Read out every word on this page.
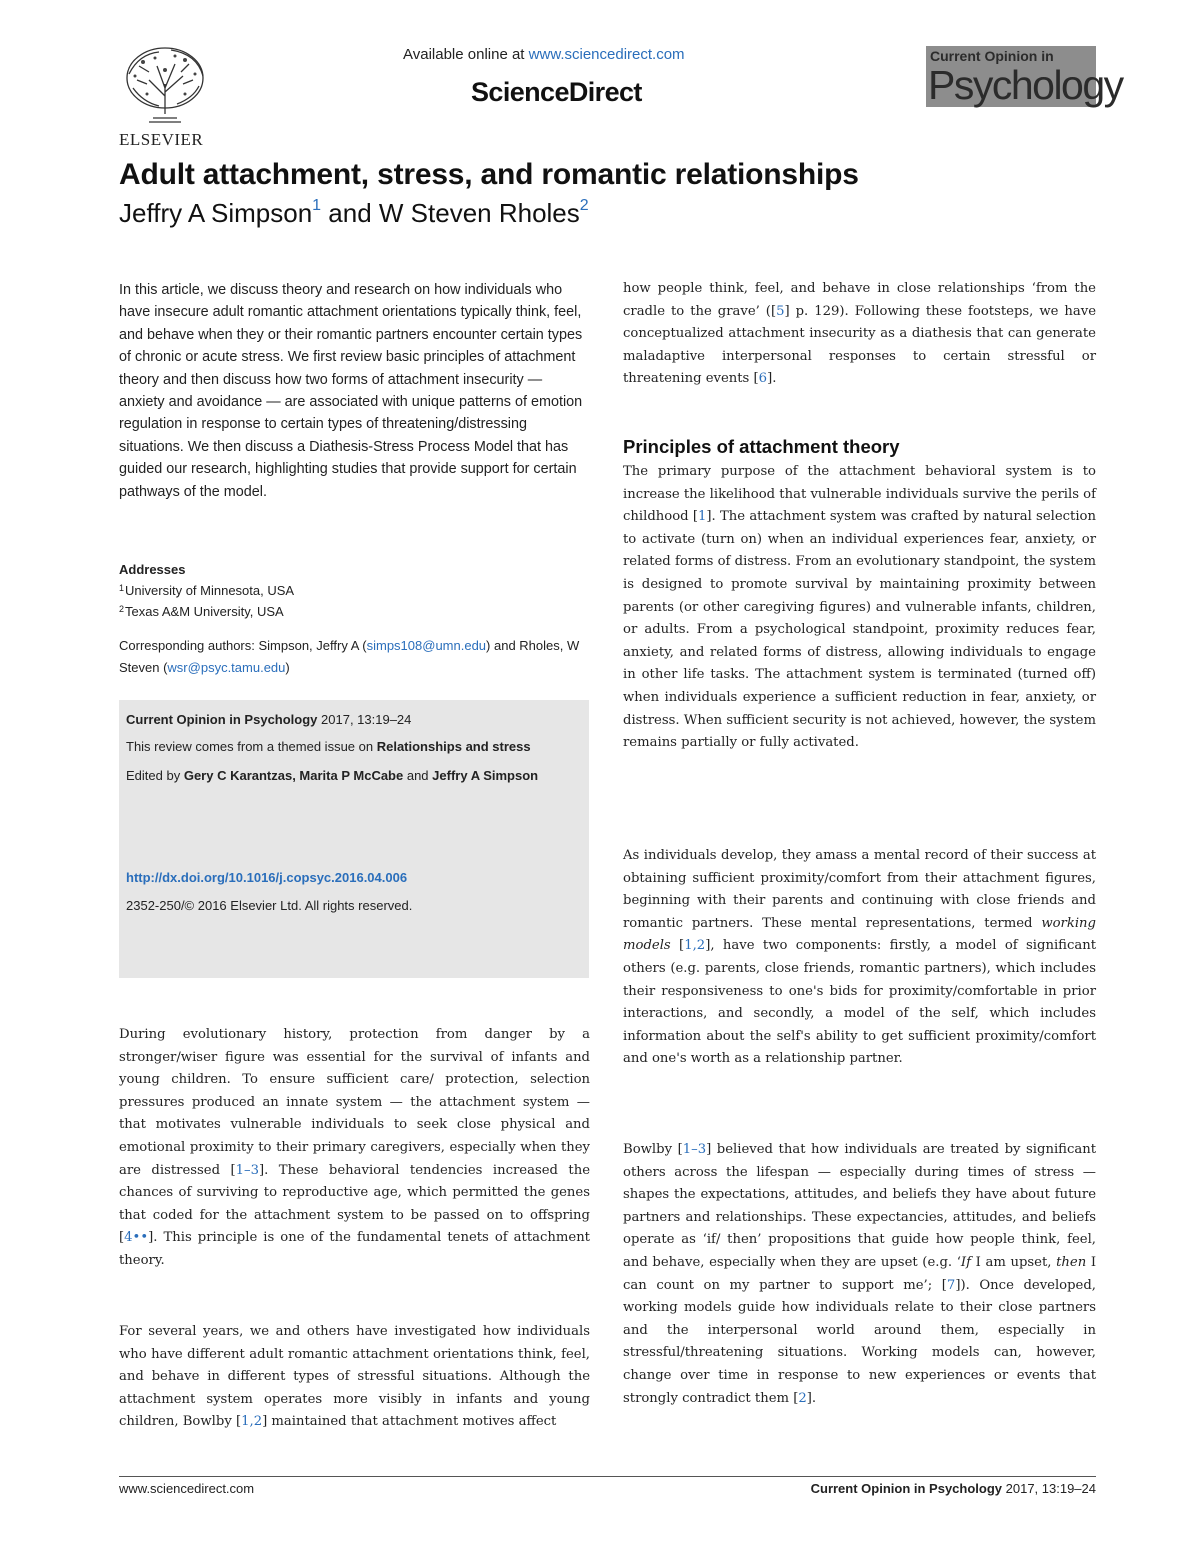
ELSEVIER
Available online at www.sciencedirect.com
ScienceDirect
Current Opinion in
Psychology
Adult attachment, stress, and romantic relationships
Jeffry A Simpson$^1$ and W Steven Rholes$^2$

In this article, we discuss theory and research on how individuals who have insecure adult romantic attachment orientations typically think, feel, and behave when they or their romantic partners encounter certain types of chronic or acute stress. We first review basic principles of attachment theory and then discuss how two forms of attachment insecurity — anxiety and avoidance — are associated with unique patterns of emotion regulation in response to certain types of threatening/distressing situations. We then discuss a Diathesis-Stress Process Model that has guided our research, highlighting studies that provide support for certain pathways of the model.

Addresses
$^1$University of Minnesota, USA
$^2$Texas A&M University, USA
Corresponding authors: Simpson, Jeffry A (simps108@umn.edu) and Rholes, W Steven (wsr@psyc.tamu.edu)
Current Opinion in Psychology 2017, 13:19–24
This review comes from a themed issue on Relationships and stress
Edited by Gery C Karantzas, Marita P McCabe and Jeffry A Simpson
http://dx.doi.org/10.1016/j.copsyc.2016.04.006
2352-250/© 2016 Elsevier Ltd. All rights reserved.

During evolutionary history, protection from danger by a stronger/wiser figure was essential for the survival of infants and young children. To ensure sufficient care/ protection, selection pressures produced an innate system — the attachment system — that motivates vulnerable individuals to seek close physical and emotional proximity to their primary caregivers, especially when they are distressed [1–3]. These behavioral tendencies increased the chances of surviving to reproductive age, which permitted the genes that coded for the attachment system to be passed on to offspring [4••]. This principle is one of the fundamental tenets of attachment theory.

For several years, we and others have investigated how individuals who have different adult romantic attachment orientations think, feel, and behave in different types of stressful situations. Although the attachment system operates more visibly in infants and young children, Bowlby [1,2] maintained that attachment motives affect

how people think, feel, and behave in close relationships ‘from the cradle to the grave’ ([5] p. 129). Following these footsteps, we have conceptualized attachment insecurity as a diathesis that can generate maladaptive interpersonal responses to certain stressful or threatening events [6].

Principles of attachment theory

The primary purpose of the attachment behavioral system is to increase the likelihood that vulnerable individuals survive the perils of childhood [1]. The attachment system was crafted by natural selection to activate (turn on) when an individual experiences fear, anxiety, or related forms of distress. From an evolutionary standpoint, the system is designed to promote survival by maintaining proximity between parents (or other caregiving figures) and vulnerable infants, children, or adults. From a psychological standpoint, proximity reduces fear, anxiety, and related forms of distress, allowing individuals to engage in other life tasks. The attachment system is terminated (turned off) when individuals experience a sufficient reduction in fear, anxiety, or distress. When sufficient security is not achieved, however, the system remains partially or fully activated.

As individuals develop, they amass a mental record of their success at obtaining sufficient proximity/comfort from their attachment figures, beginning with their parents and continuing with close friends and romantic partners. These mental representations, termed working models [1,2], have two components: firstly, a model of significant others (e.g. parents, close friends, romantic partners), which includes their responsiveness to one's bids for proximity/comfortable in prior interactions, and secondly, a model of the self, which includes information about the self's ability to get sufficient proximity/comfort and one's worth as a relationship partner.

Bowlby [1–3] believed that how individuals are treated by significant others across the lifespan — especially during times of stress — shapes the expectations, attitudes, and beliefs they have about future partners and relationships. These expectancies, attitudes, and beliefs operate as ‘if/ then’ propositions that guide how people think, feel, and behave, especially when they are upset (e.g. ‘If I am upset, then I can count on my partner to support me’; [7]). Once developed, working models guide how individuals relate to their close partners and the interpersonal world around them, especially in stressful/threatening situations. Working models can, however, change over time in response to new experiences or events that strongly contradict them [2].

www.sciencedirect.com	Current Opinion in Psychology 2017, 13:19–24
